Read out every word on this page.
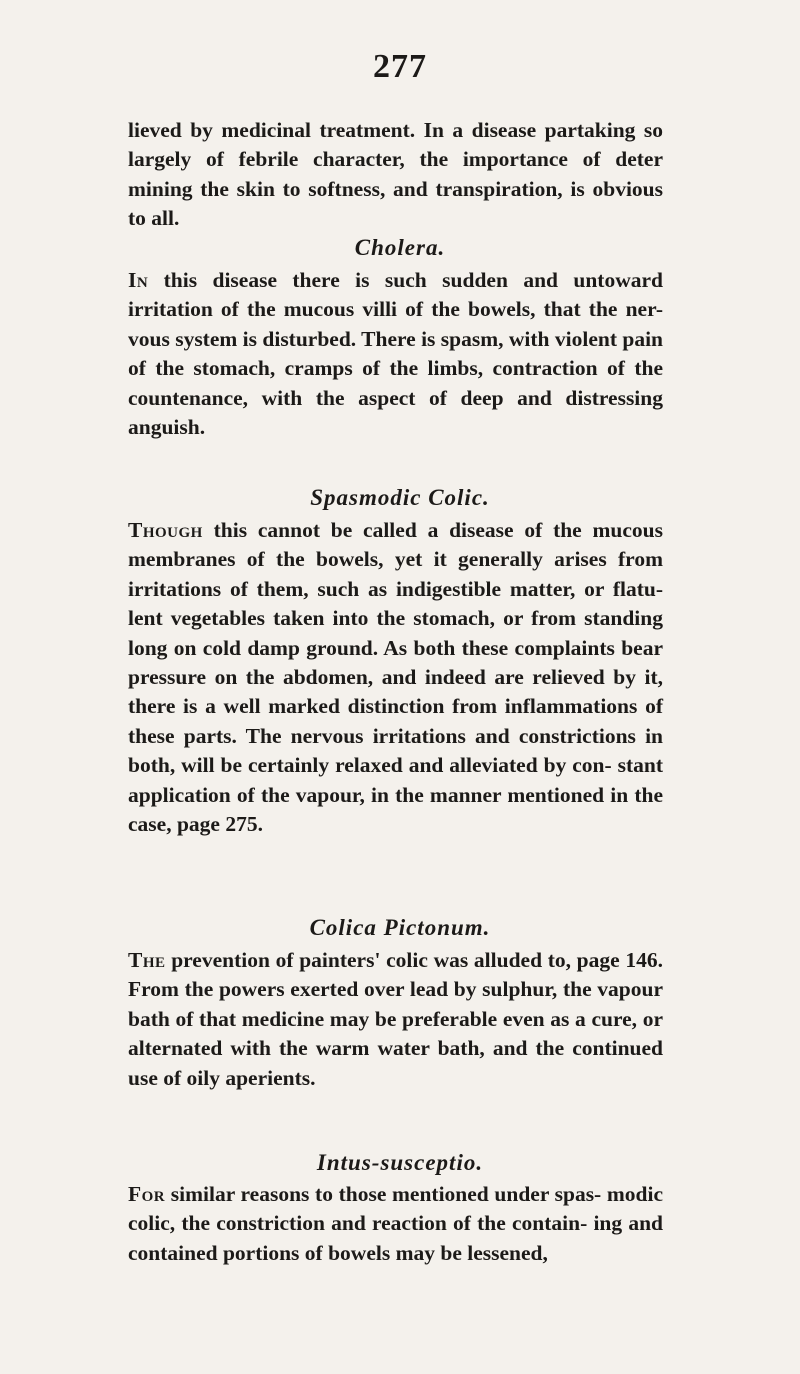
277
lieved by medicinal treatment. In a disease partaking so largely of febrile character, the importance of deter mining the skin to softness, and transpiration, is obvious to all.
Cholera.
In this disease there is such sudden and untoward irritation of the mucous villi of the bowels, that the ner- vous system is disturbed. There is spasm, with violent pain of the stomach, cramps of the limbs, contraction of the countenance, with the aspect of deep and distressing anguish.
Spasmodic Colic.
Though this cannot be called a disease of the mucous membranes of the bowels, yet it generally arises from irritations of them, such as indigestible matter, or flatu- lent vegetables taken into the stomach, or from standing long on cold damp ground. As both these complaints bear pressure on the abdomen, and indeed are relieved by it, there is a well marked distinction from inflammations of these parts. The nervous irritations and constrictions in both, will be certainly relaxed and alleviated by con- stant application of the vapour, in the manner mentioned in the case, page 275.
Colica Pictonum.
The prevention of painters' colic was alluded to, page 146. From the powers exerted over lead by sulphur, the vapour bath of that medicine may be preferable even as a cure, or alternated with the warm water bath, and the continued use of oily aperients.
Intus-susceptio.
For similar reasons to those mentioned under spas- modic colic, the constriction and reaction of the contain- ing and contained portions of bowels may be lessened,
